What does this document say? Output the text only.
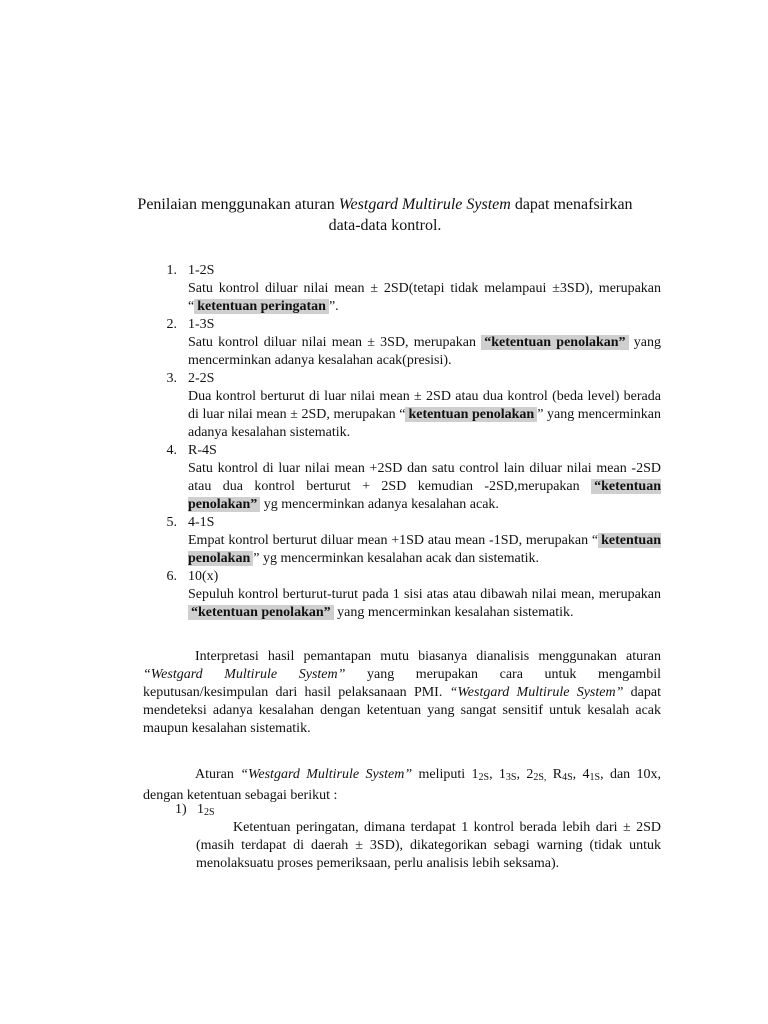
Penilaian menggunakan aturan Westgard Multirule System dapat menafsirkan data-data kontrol.
1. 1-2S
Satu kontrol diluar nilai mean ± 2SD(tetapi tidak melampaui ±3SD), merupakan “ ketentuan peringatan ”.
2. 1-3S
Satu kontrol diluar nilai mean ± 3SD, merupakan “ketentuan penolakan” yang mencerminkan adanya kesalahan acak(presisi).
3. 2-2S
Dua kontrol berturut di luar nilai mean ± 2SD atau dua kontrol (beda level) berada di luar nilai mean ± 2SD, merupakan “ ketentuan penolakan ” yang mencerminkan adanya kesalahan sistematik.
4. R-4S
Satu kontrol di luar nilai mean +2SD dan satu control lain diluar nilai mean -2SD atau dua kontrol berturut + 2SD kemudian -2SD,merupakan “ketentuan penolakan” yg mencerminkan adanya kesalahan acak.
5. 4-1S
Empat kontrol berturut diluar mean +1SD atau mean -1SD, merupakan “ ketentuan penolakan ” yg mencerminkan kesalahan acak dan sistematik.
6. 10(x)
Sepuluh kontrol berturut-turut pada 1 sisi atas atau dibawah nilai mean, merupakan “ketentuan penolakan” yang mencerminkan kesalahan sistematik.

Interpretasi hasil pemantapan mutu biasanya dianalisis menggunakan aturan “Westgard Multirule System” yang merupakan cara untuk mengambil keputusan/kesimpulan dari hasil pelaksanaan PMI. “Westgard Multirule System” dapat mendeteksi adanya kesalahan dengan ketentuan yang sangat sensitif untuk kesalah acak maupun kesalahan sistematik.

Aturan “Westgard Multirule System” meliputi $1_{2S}$, $1_{3S}$, $2_{2S,}$ $R_{4S}$, $4_{1S}$, dan 10x, dengan ketentuan sebagai berikut :

1) $1_{2S}$

Ketentuan peringatan, dimana terdapat 1 kontrol berada lebih dari ± 2SD (masih terdapat di daerah ± 3SD), dikategorikan sebagi warning (tidak untuk menolaksuatu proses pemeriksaan, perlu analisis lebih seksama).
